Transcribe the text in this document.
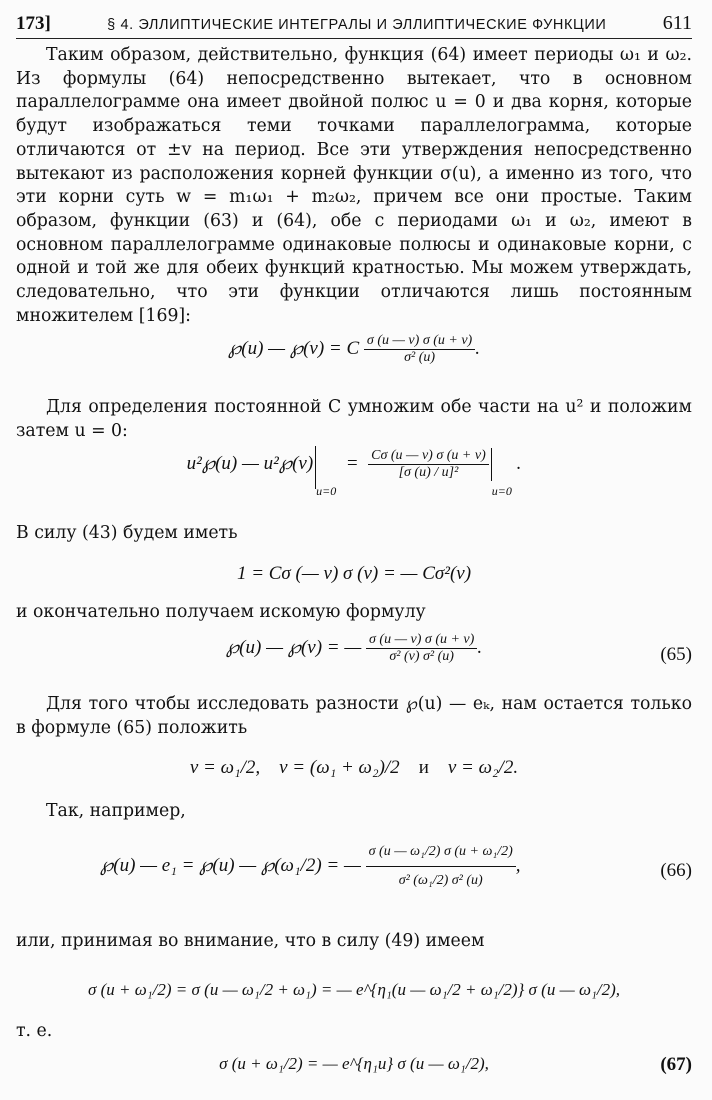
173]	§ 4. ЭЛЛИПТИЧЕСКИЕ ИНТЕГРАЛЫ И ЭЛЛИПТИЧЕСКИЕ ФУНКЦИИ	611
Таким образом, действительно, функция (64) имеет периоды ω₁ и ω₂. Из формулы (64) непосредственно вытекает, что в основном параллелограмме она имеет двойной полюс u = 0 и два корня, которые будут изображаться теми точками параллелограмма, которые отличаются от ±v на период. Все эти утверждения непосредственно вытекают из расположения корней функции σ(u), а именно из того, что эти корни суть w = m₁ω₁ + m₂ω₂, причем все они простые. Таким образом, функции (63) и (64), обе с периодами ω₁ и ω₂, имеют в основном параллелограмме одинаковые полюсы и одинаковые корни, с одной и той же для обеих функций кратностью. Мы можем утверждать, следовательно, что эти функции отличаются лишь постоянным множителем [169]:
℘(u) — ℘(v) = C $\frac{\sigma (u — v) \sigma (u + v)}{\text{σ² (u)}}$ .
Для определения постоянной C умножим обе части на u² и положим затем u = 0:
u²℘(u) — $u^2℘(v)_{u=0} = \frac{C\sigma (u — v) \sigma (u + v)}{\text{[σ (u) / u]²}}$
$_{u=0}$ .
В силу (43) будем иметь
1 = Cσ (— v) σ (v) = — Cσ²(v)
и окончательно получаем искомую формулу
℘(u) — ℘(v) = — $\frac{\sigma (u — v) \sigma (u + v)}{\text{σ² (v) σ² (u)}}$ .	(65)
Для того чтобы исследовать разности ℘(u) — eₖ, нам остается только в формуле (65) положить
v = ω₁/2, v = (ω₁ + ω₂)/2 и v = ω₂/2.
Так, например,
℘(u) — e₁ = ℘(u) — ℘(ω₁/2) = — $\frac{\text{σ (u — ω₁/2) σ (u + ω₁/2)}}{\text{σ² (ω₁/2) σ² (u)}}$ ,	(66)
или, принимая во внимание, что в силу (49) имеем
σ (u + ω₁/2) = σ (u — ω₁/2 + ω₁) = — e^{η₁(u — ω₁/2 + ω₁/2)} σ (u — ω₁/2),
т. е.
σ (u + ω₁/2) = — e^{η₁u} σ (u — ω₁/2),	(67)
